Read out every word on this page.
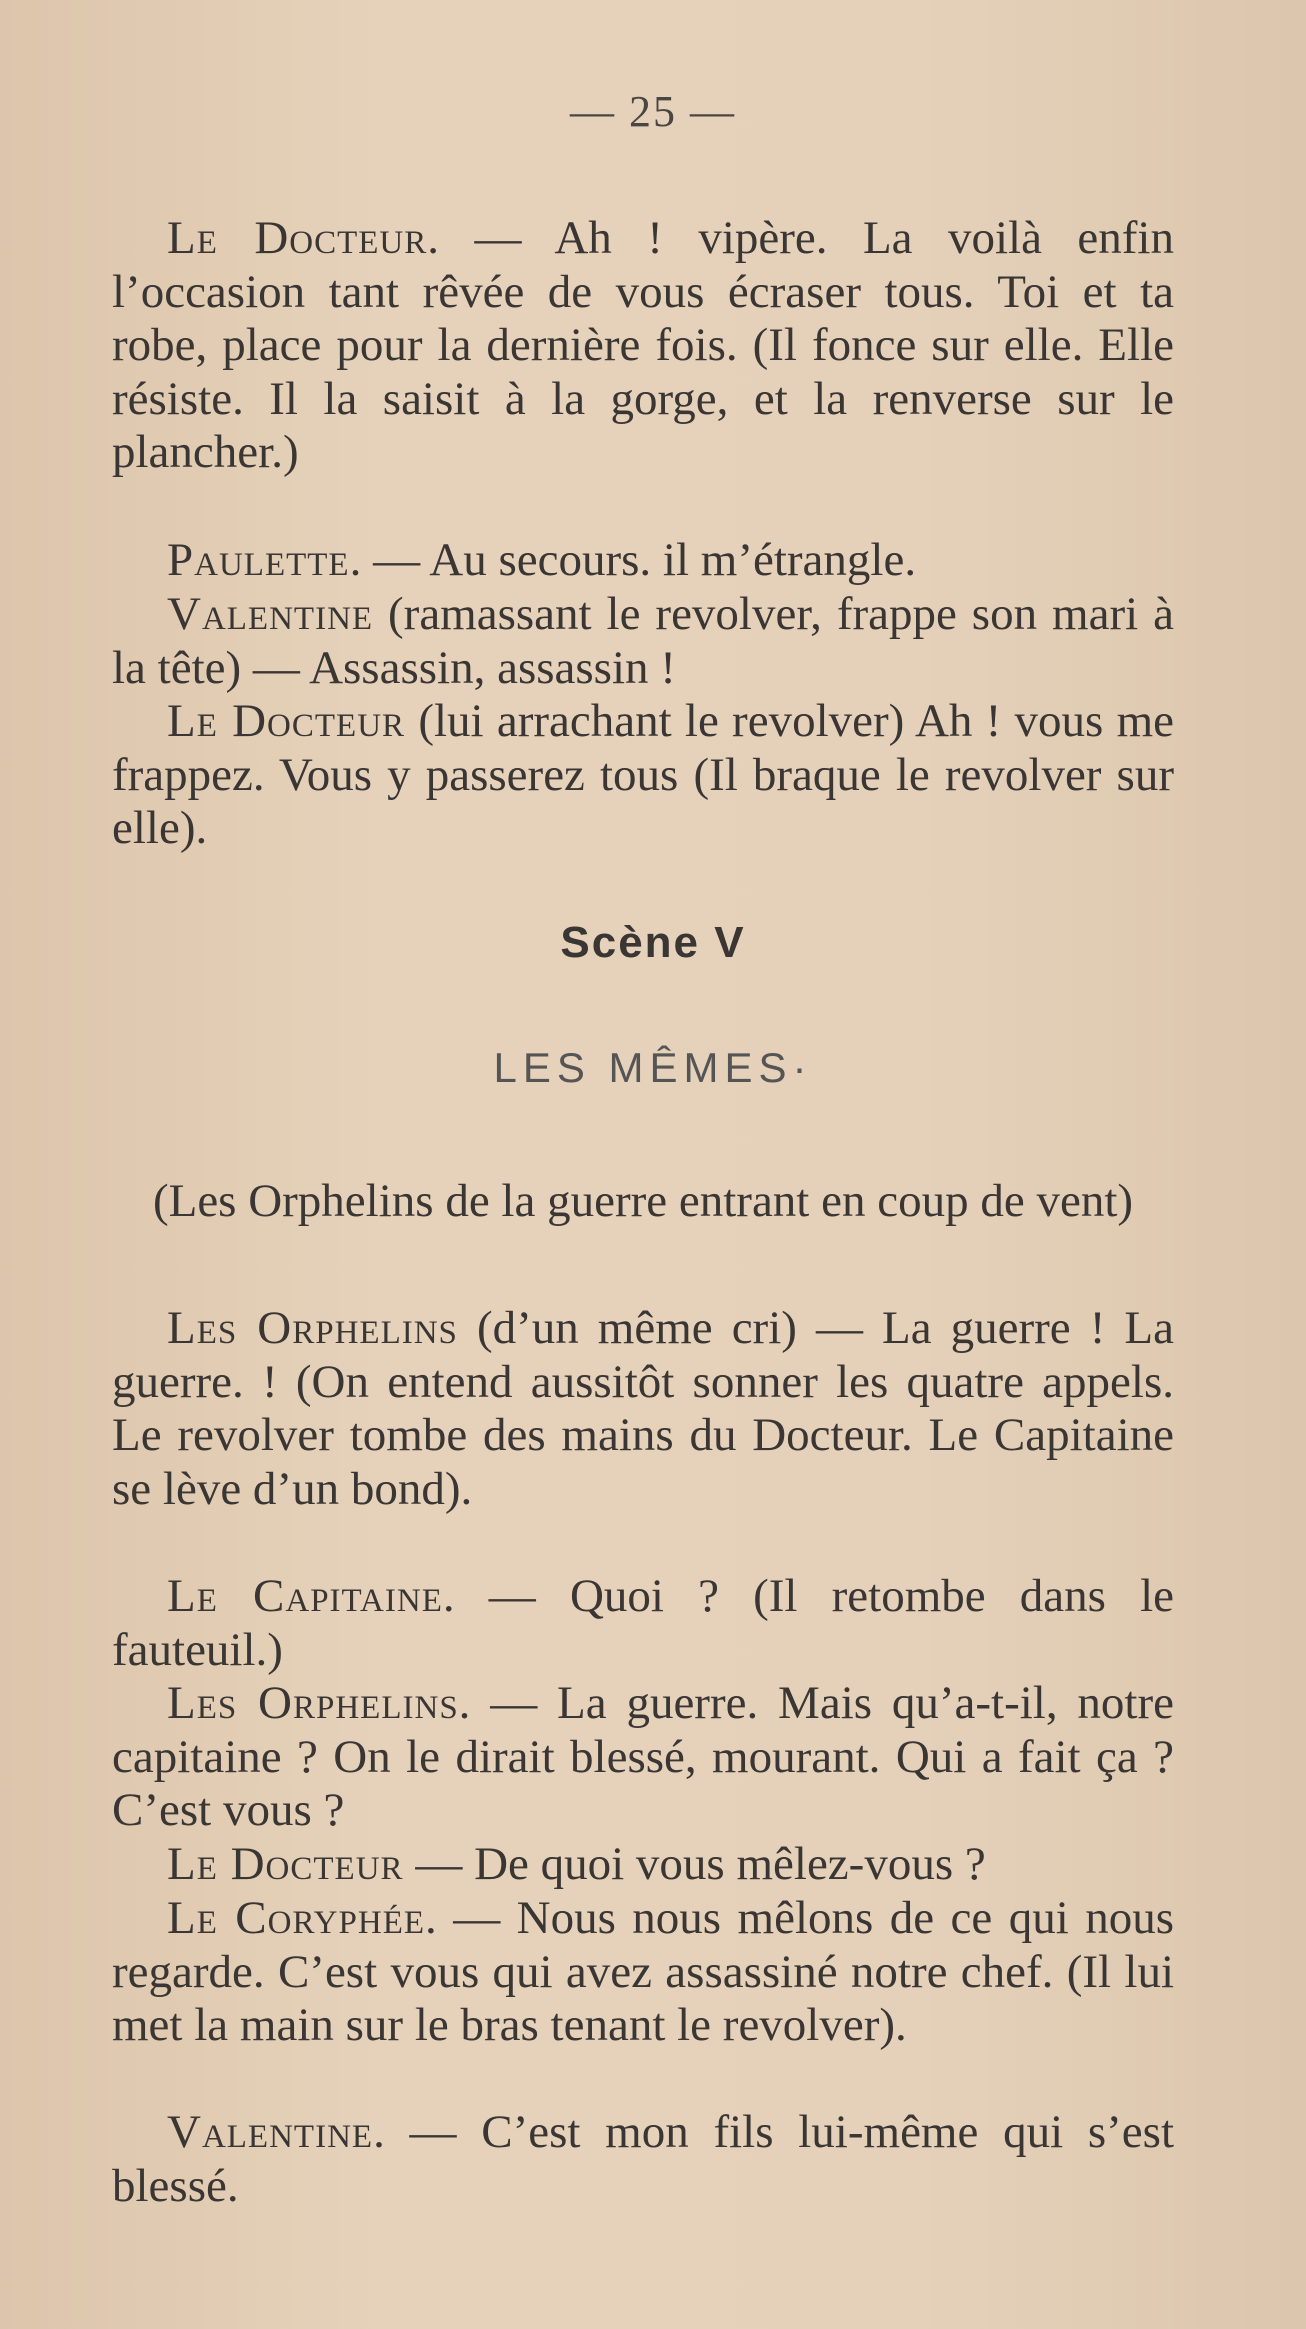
— 25 —

Le Docteur. — Ah ! vipère. La voilà enfin l’occasion tant rêvée de vous écraser tous. Toi et ta robe, place pour la dernière fois. (Il fonce sur elle. Elle résiste. Il la saisit à la gorge, et la renverse sur le plancher.)

Paulette. — Au secours. il m’étrangle.

Valentine (ramassant le revolver, frappe son mari à la tête) — Assassin, assassin !

Le Docteur (lui arrachant le revolver) Ah ! vous me frappez. Vous y passerez tous (Il braque le revolver sur elle).

Scène V
LES MÊMES·

(Les Orphelins de la guerre entrant en coup de vent)

Les Orphelins (d’un même cri) — La guerre ! La guerre. ! (On entend aussitôt sonner les quatre appels. Le revolver tombe des mains du Docteur. Le Capitaine se lève d’un bond).

Le Capitaine. — Quoi ? (Il retombe dans le fauteuil.)

Les Orphelins. — La guerre. Mais qu’a-t-il, notre capitaine ? On le dirait blessé, mourant. Qui a fait ça ? C’est vous ?

Le Docteur — De quoi vous mêlez-vous ?

Le Coryphée. — Nous nous mêlons de ce qui nous regarde. C’est vous qui avez assassiné notre chef. (Il lui met la main sur le bras tenant le revolver).

Valentine. — C’est mon fils lui-même qui s’est blessé.
